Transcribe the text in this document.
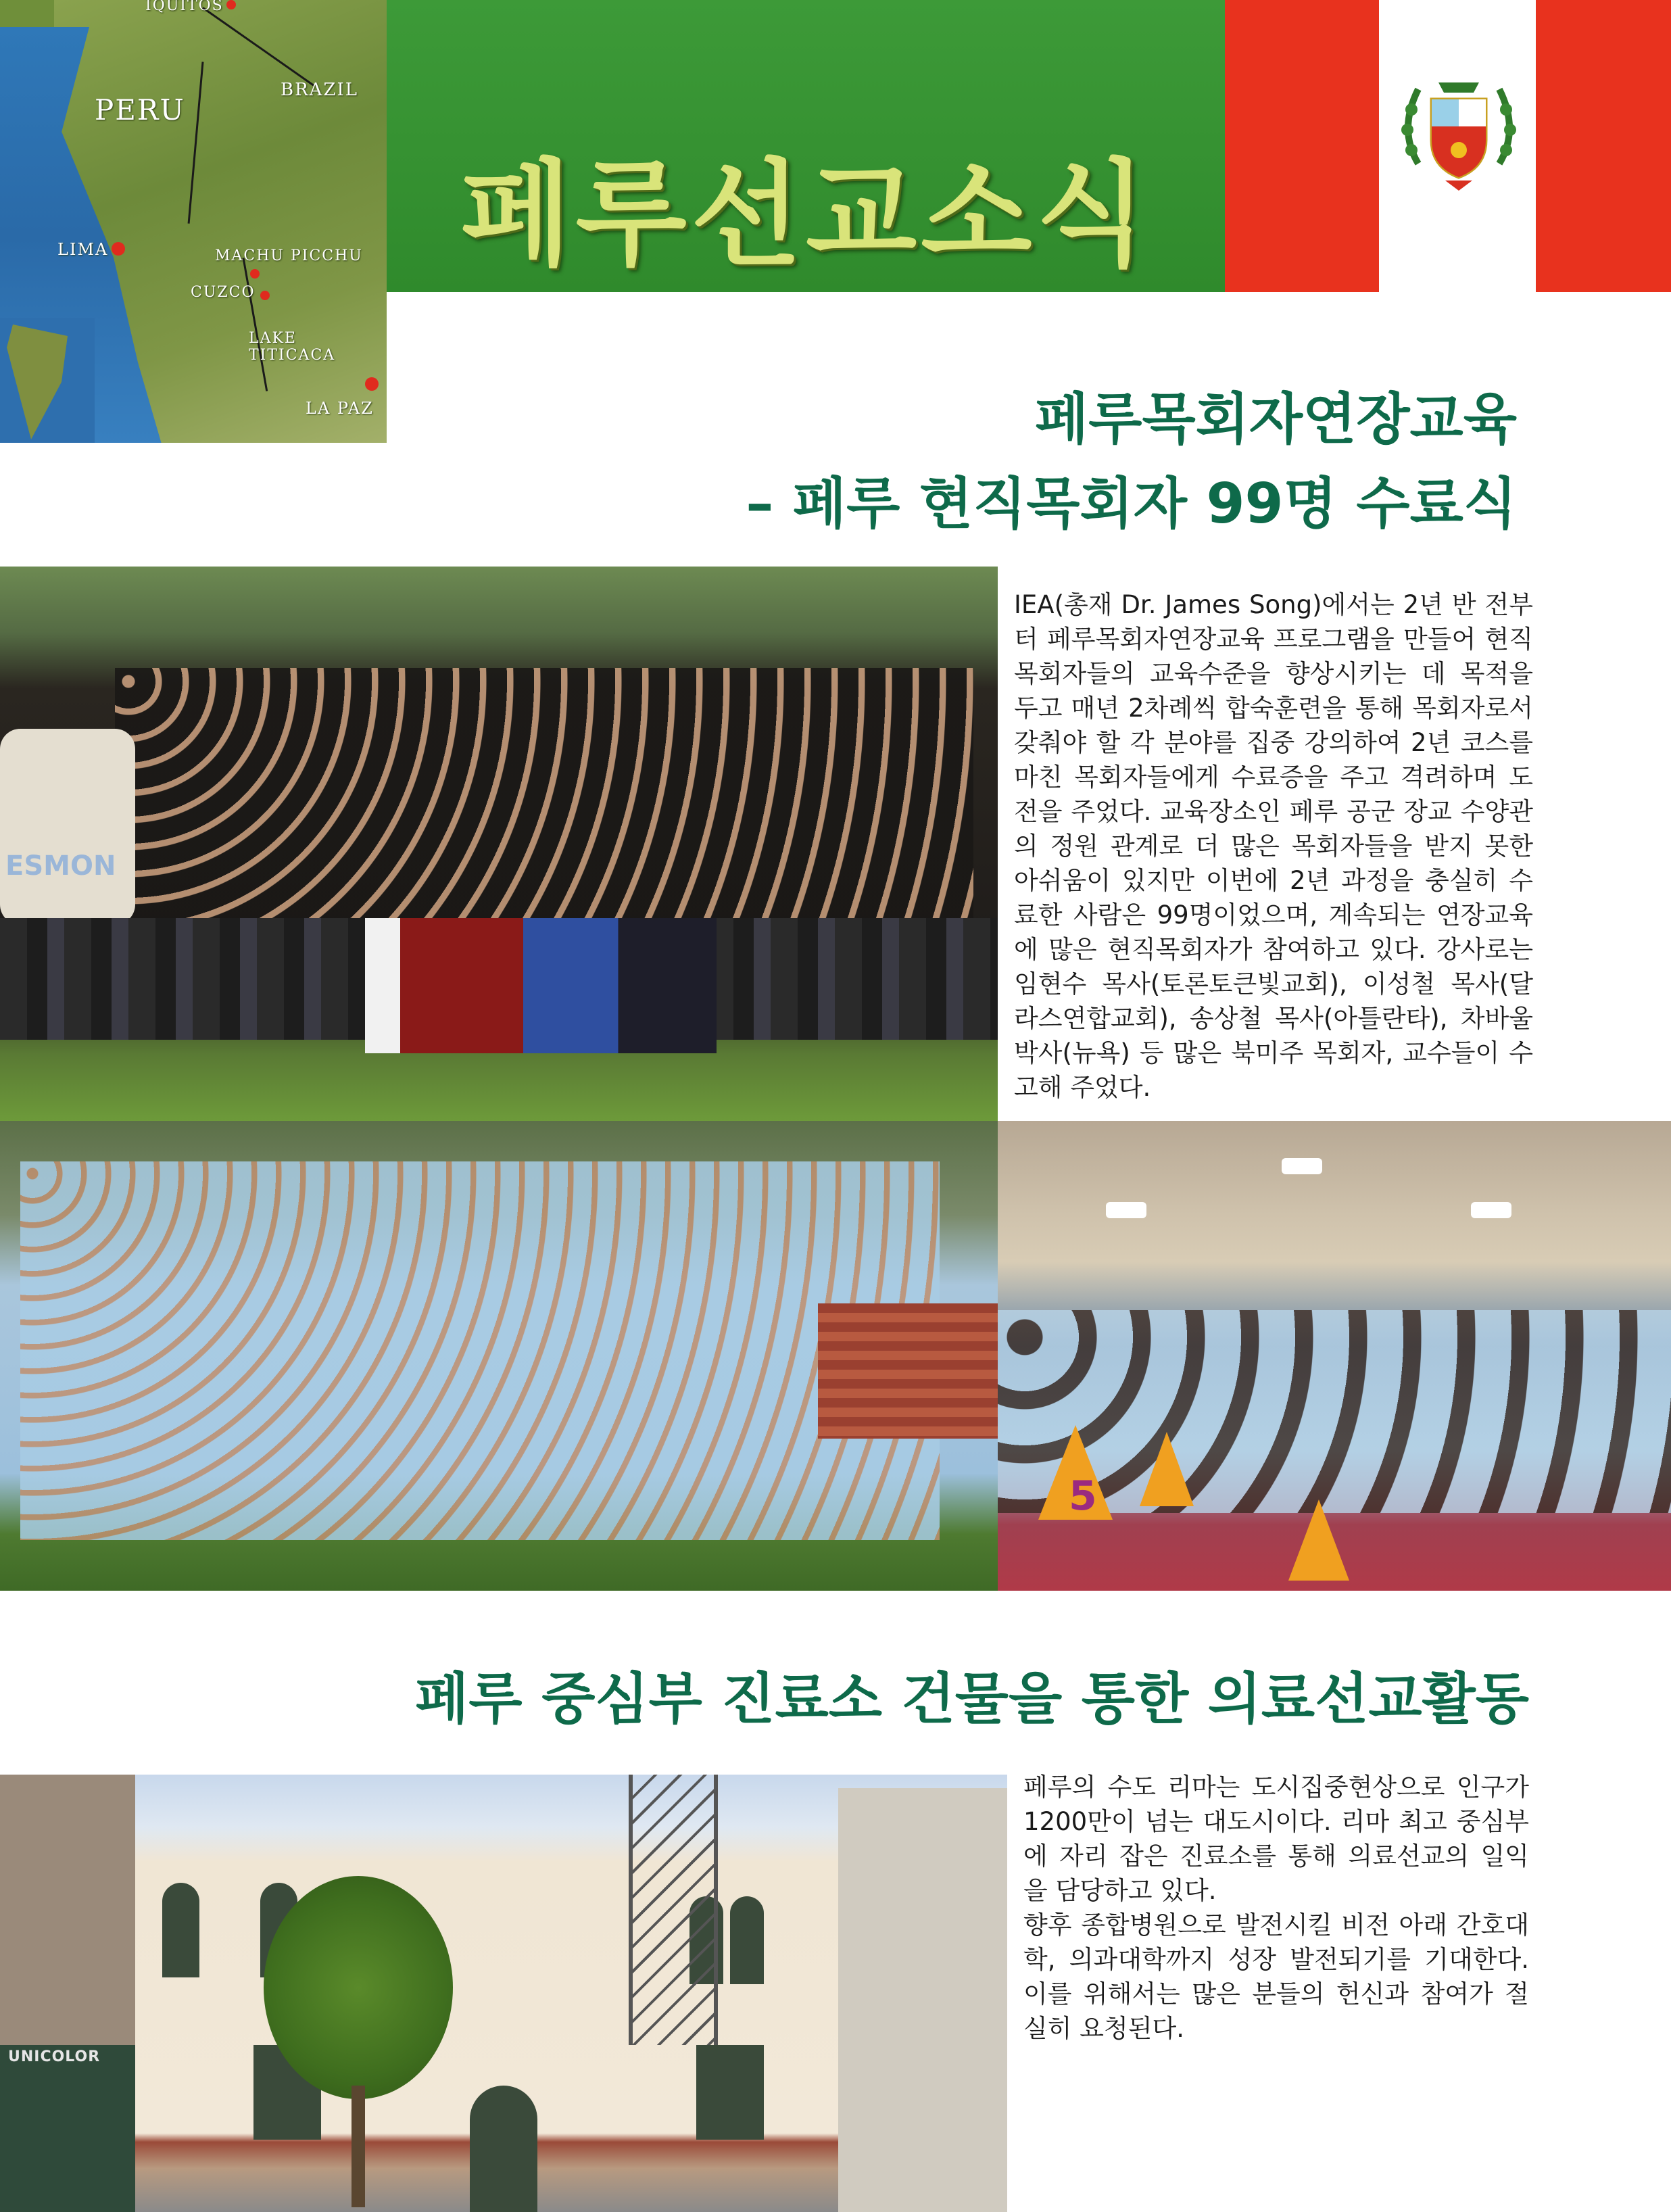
IQUITOS
BRAZIL
PERU
LIMA	MACHU PICCHU
CUZCO
LAKE TITICACA
LA PAZ
페루선교소식
페루목회자연장교육
– 페루 현직목회자 99명 수료식
ESMON

IEA(총재 Dr. James Song)에서는 2년 반 전부터 페루목회자연장교육 프로그램을 만들어 현직목회자들의 교육수준을 향상시키는 데 목적을 두고 매년 2차례씩 합숙훈련을 통해 목회자로서 갖춰야 할 각 분야를 집중 강의하여 2년 코스를 마친 목회자들에게 수료증을 주고 격려하며 도전을 주었다. 교육장소인 페루 공군 장교 수양관의 정원 관계로 더 많은 목회자들을 받지 못한 아쉬움이 있지만 이번에 2년 과정을 충실히 수료한 사람은 99명이었으며, 계속되는 연장교육에 많은 현직목회자가 참여하고 있다. 강사로는 임현수 목사(토론토큰빛교회), 이성철 목사(달라스연합교회), 송상철 목사(아틀란타), 차바울 박사(뉴욕) 등 많은 북미주 목회자, 교수들이 수고해 주었다.

5
페루 중심부 진료소 건물을 통한 의료선교활동
UNICOLOR

페루의 수도 리마는 도시집중현상으로 인구가 1200만이 넘는 대도시이다. 리마 최고 중심부에 자리 잡은 진료소를 통해 의료선교의 일익을 담당하고 있다.

향후 종합병원으로 발전시킬 비전 아래 간호대학, 의과대학까지 성장 발전되기를 기대한다. 이를 위해서는 많은 분들의 헌신과 참여가 절실히 요청된다.
